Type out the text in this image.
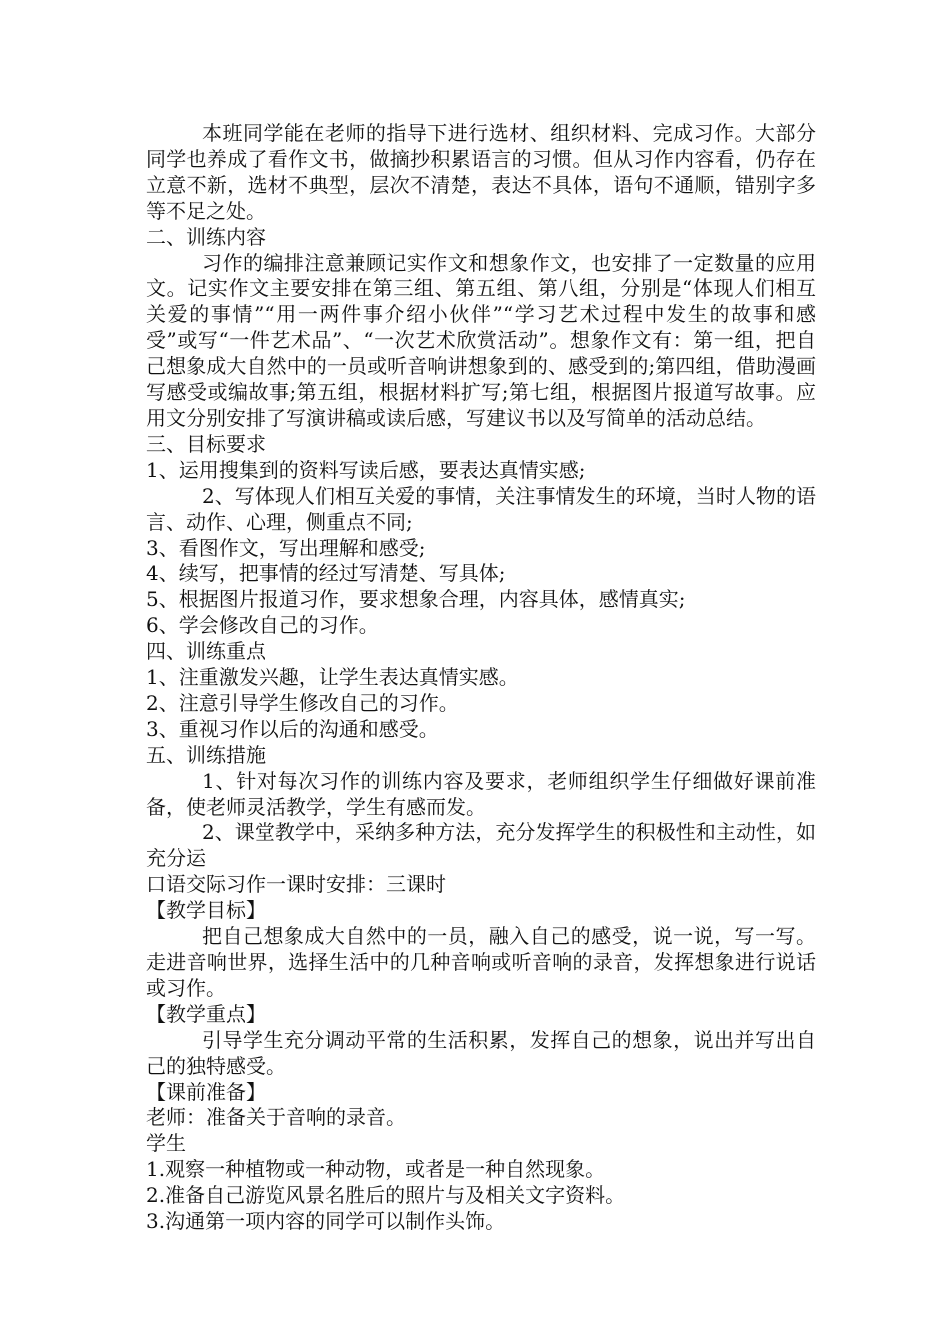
本班同学能在老师的指导下进行选材、组织材料、完成习作。大部分同学也养成了看作文书，做摘抄积累语言的习惯。但从习作内容看，仍存在立意不新，选材不典型，层次不清楚，表达不具体，语句不通顺，错别字多等不足之处。

二、训练内容

习作的编排注意兼顾记实作文和想象作文，也安排了一定数量的应用文。记实作文主要安排在第三组、第五组、第八组，分别是“体现人们相互关爱的事情”“用一两件事介绍小伙伴”“学习艺术过程中发生的故事和感受”或写“一件艺术品”、“一次艺术欣赏活动”。想象作文有：第一组，把自己想象成大自然中的一员或听音响讲想象到的、感受到的;第四组，借助漫画写感受或编故事;第五组，根据材料扩写;第七组，根据图片报道写故事。应用文分别安排了写演讲稿或读后感，写建议书以及写简单的活动总结。

三、目标要求

1、运用搜集到的资料写读后感，要表达真情实感;

2、写体现人们相互关爱的事情，关注事情发生的环境，当时人物的语言、动作、心理，侧重点不同;

3、看图作文，写出理解和感受;

4、续写，把事情的经过写清楚、写具体;

5、根据图片报道习作，要求想象合理，内容具体，感情真实;

6、学会修改自己的习作。

四、训练重点

1、注重激发兴趣，让学生表达真情实感。

2、注意引导学生修改自己的习作。

3、重视习作以后的沟通和感受。

五、训练措施

1、针对每次习作的训练内容及要求，老师组织学生仔细做好课前准备，使老师灵活教学，学生有感而发。

2、课堂教学中，采纳多种方法，充分发挥学生的积极性和主动性，如充分运

口语交际习作一课时安排：三课时

【教学目标】

把自己想象成大自然中的一员，融入自己的感受，说一说，写一写。走进音响世界，选择生活中的几种音响或听音响的录音，发挥想象进行说话或习作。

【教学重点】

引导学生充分调动平常的生活积累，发挥自己的想象，说出并写出自己的独特感受。

【课前准备】

老师：准备关于音响的录音。

学生

1.观察一种植物或一种动物，或者是一种自然现象。

2.准备自己游览风景名胜后的照片与及相关文字资料。

3.沟通第一项内容的同学可以制作头饰。
